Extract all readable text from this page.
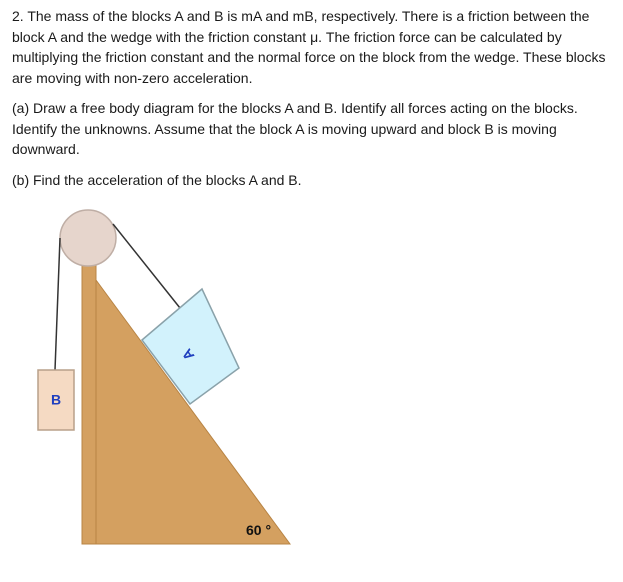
2. The mass of the blocks A and B is mA and mB, respectively. There is a friction between the block A and the wedge with the friction constant μ. The friction force can be calculated by multiplying the friction constant and the normal force on the block from the wedge. These blocks are moving with non-zero acceleration.

(a) Draw a free body diagram for the blocks A and B. Identify all forces acting on the blocks. Identify the unknowns. Assume that the block A is moving upward and block B is moving downward.

(b) Find the acceleration of the blocks A and B.

A
B
60 °
